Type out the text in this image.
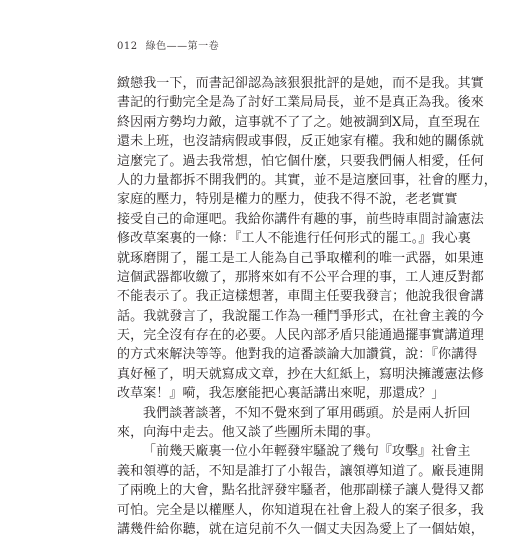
012 綠色——第一卷
緻戀我一下，而書記卻認為該狠狠批評的是她，而不是我。其實
書記的行動完全是為了討好工業局局長，並不是真正為我。後來
終因兩方勢均力敵，這事就不了了之。她被調到X局，直至現在
還未上班，也沒請病假或事假，反正她家有權。我和她的關係就
這麼完了。過去我常想，怕它個什麼，只要我們倆人相愛，任何
人的力量都拆不開我們的。其實，並不是這麼回事，社會的壓力，
家庭的壓力，特別是權力的壓力，使我不得不說，老老實實
接受自己的命運吧。我給你講件有趣的事，前些時車間討論憲法
修改草案裏的一條：『工人不能進行任何形式的罷工。』我心裏
就琢磨開了，罷工是工人能為自己爭取權利的唯一武器，如果連
這個武器都收繳了，那將來如有不公平合理的事，工人連反對都
不能表示了。我正這樣想著，車間主任要我發言；他說我很會講
話。我就發言了，我說罷工作為一種鬥爭形式，在社會主義的今
天，完全沒有存在的必要。人民內部矛盾只能通過擺事實講道理
的方式來解決等等。他對我的這番談論大加讚賞，說：『你講得
真好極了，明天就寫成文章，抄在大紅紙上，寫明決擁護憲法修
改草案！』嗬，我怎麼能把心裏話講出來呢，那還成？」
我們談著談著，不知不覺來到了軍用碼頭。於是兩人折回
來，向海中走去。他又談了些團所未聞的事。
「前幾天廠裏一位小年輕發牢騷說了幾句『攻擊』社會主
義和領導的話，不知是誰打了小報告，讓領導知道了。廠長連開
了兩晚上的大會，點名批評發牢騷者，他那副樣子讓人覺得又都
可怕。完全是以權壓人，你知道現在社會上殺人的案子很多，我
講幾件給你聽，就在這兒前不久一個丈夫因為愛上了一個姑娘，
